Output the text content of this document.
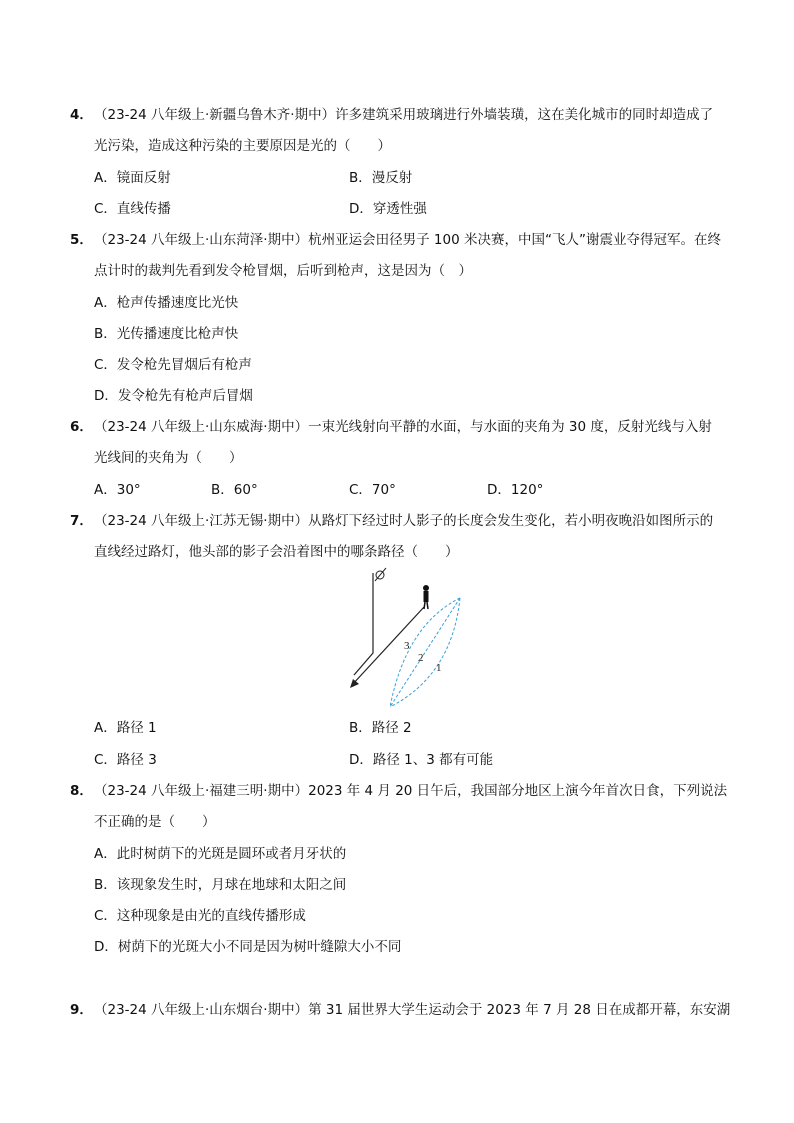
4． （23-24 八年级上·新疆乌鲁木齐·期中）许多建筑采用玻璃进行外墙装璜，这在美化城市的同时却造成了
光污染，造成这种污染的主要原因是光的（　　）
A．镜面反射	B．漫反射
C．直线传播	D．穿透性强
5． （23-24 八年级上·山东菏泽·期中）杭州亚运会田径男子 100 米决赛，中国“飞人”谢震业夺得冠军。在终
点计时的裁判先看到发令枪冒烟，后听到枪声，这是因为（　）
A．枪声传播速度比光快
B．光传播速度比枪声快
C．发令枪先冒烟后有枪声
D．发令枪先有枪声后冒烟
6． （23-24 八年级上·山东威海·期中）一束光线射向平静的水面，与水面的夹角为 30 度，反射光线与入射
光线间的夹角为（　　）
A．30°	B．60°	C．70°	D．120°
7． （23-24 八年级上·江苏无锡·期中）从路灯下经过时人影子的长度会发生变化，若小明夜晚沿如图所示的
直线经过路灯，他头部的影子会沿着图中的哪条路径（　　）
3
2
1
A．路径 1	B．路径 2
C．路径 3	D．路径 1、3 都有可能
8． （23-24 八年级上·福建三明·期中）2023 年 4 月 20 日午后，我国部分地区上演今年首次日食，下列说法
不正确的是（　　）
A．此时树荫下的光斑是圆环或者月牙状的
B．该现象发生时，月球在地球和太阳之间
C．这种现象是由光的直线传播形成
D．树荫下的光斑大小不同是因为树叶缝隙大小不同
9． （23-24 八年级上·山东烟台·期中）第 31 届世界大学生运动会于 2023 年 7 月 28 日在成都开幕，东安湖
